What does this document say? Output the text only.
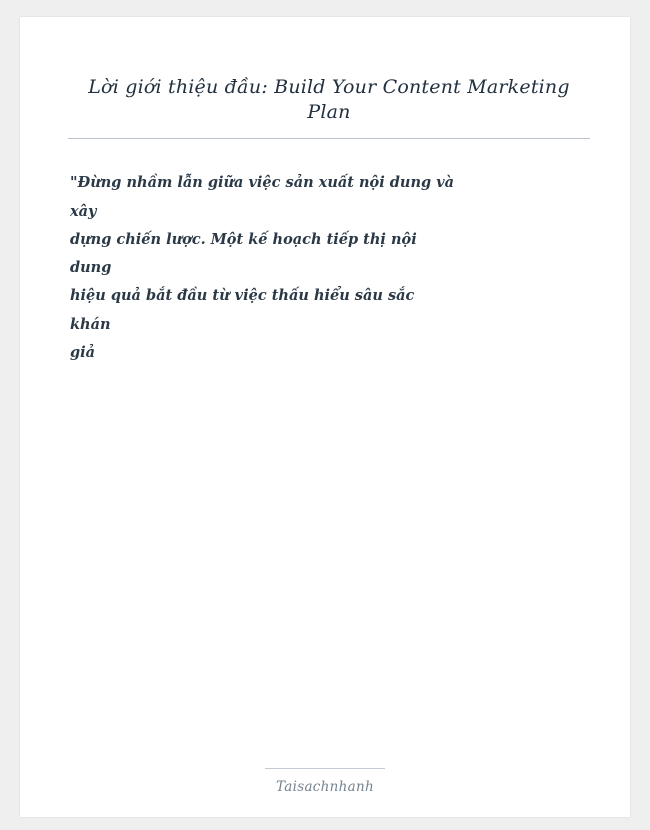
Lời giới thiệu đầu: Build Your Content Marketing Plan
"Đừng nhầm lẫn giữa việc sản xuất nội dung và
xây
dựng chiến lược. Một kế hoạch tiếp thị nội
dung
hiệu quả bắt đầu từ việc thấu hiểu sâu sắc
khán
giả
Taisachnhanh
